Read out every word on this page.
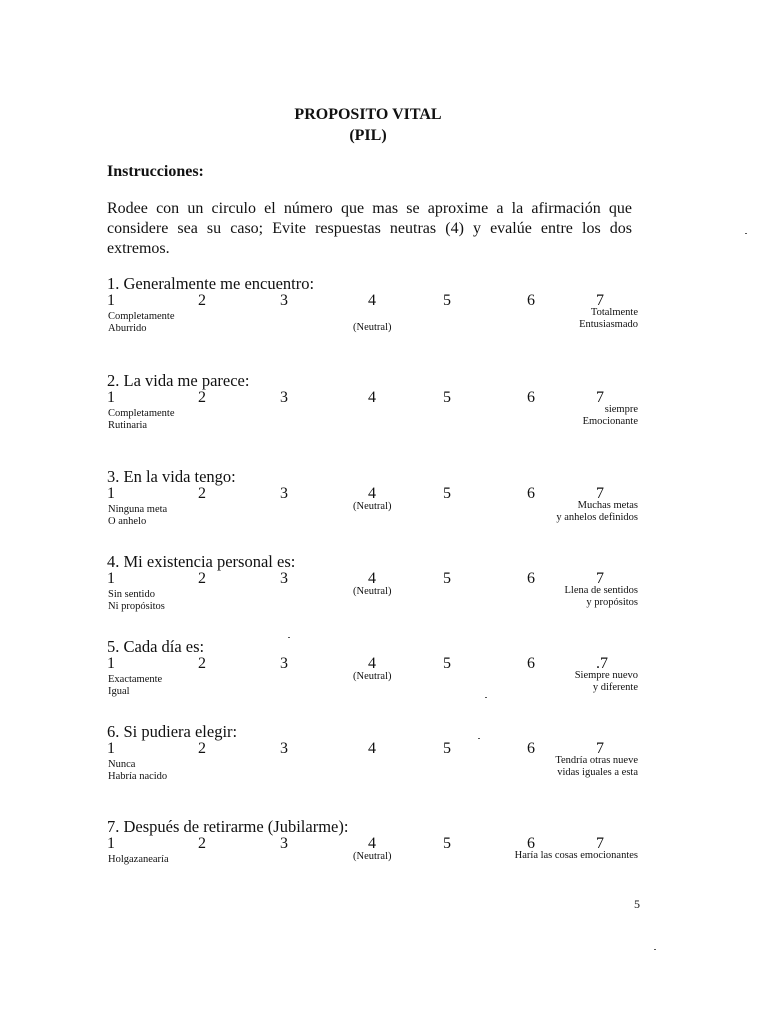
PROPOSITO VITAL
(PIL)
Instrucciones:

Rodee con un circulo el número que mas se aproxime a la afirmación que considere sea su caso; Evite respuestas neutras (4) y evalúe entre los dos extremos.

1. Generalmente me encuentro:
1	2	3	4	5	6	7
Completamente
Aburrido	(Neutral)
Totalmente
Entusiasmado
2. La vida me parece:
1	2	3	4	5	6	7
Completamente
Rutinaria
siempre
Emocionante
3. En la vida tengo:
1	2	3	4	5	6	7
Ninguna meta
O anhelo
(Neutral)	Muchas metas
y anhelos definidos
4. Mi existencia personal es:
1	2	3	4	5	6	7
Sin sentido
Ni propósitos
(Neutral)	Llena de sentidos
y propósitos
5. Cada día es:
1	2	3	4	5	6	.7
Exactamente
Igual
(Neutral)	Siempre nuevo
y diferente
6. Si pudiera elegir:
1	2	3	4	5	6	7
Nunca
Habría nacido
Tendría otras nueve
vidas iguales a esta
7. Después de retirarme (Jubilarme):
1	2	3	4	5	6	7
Holgazanearía	(Neutral)	Haría las cosas emocionantes
5
